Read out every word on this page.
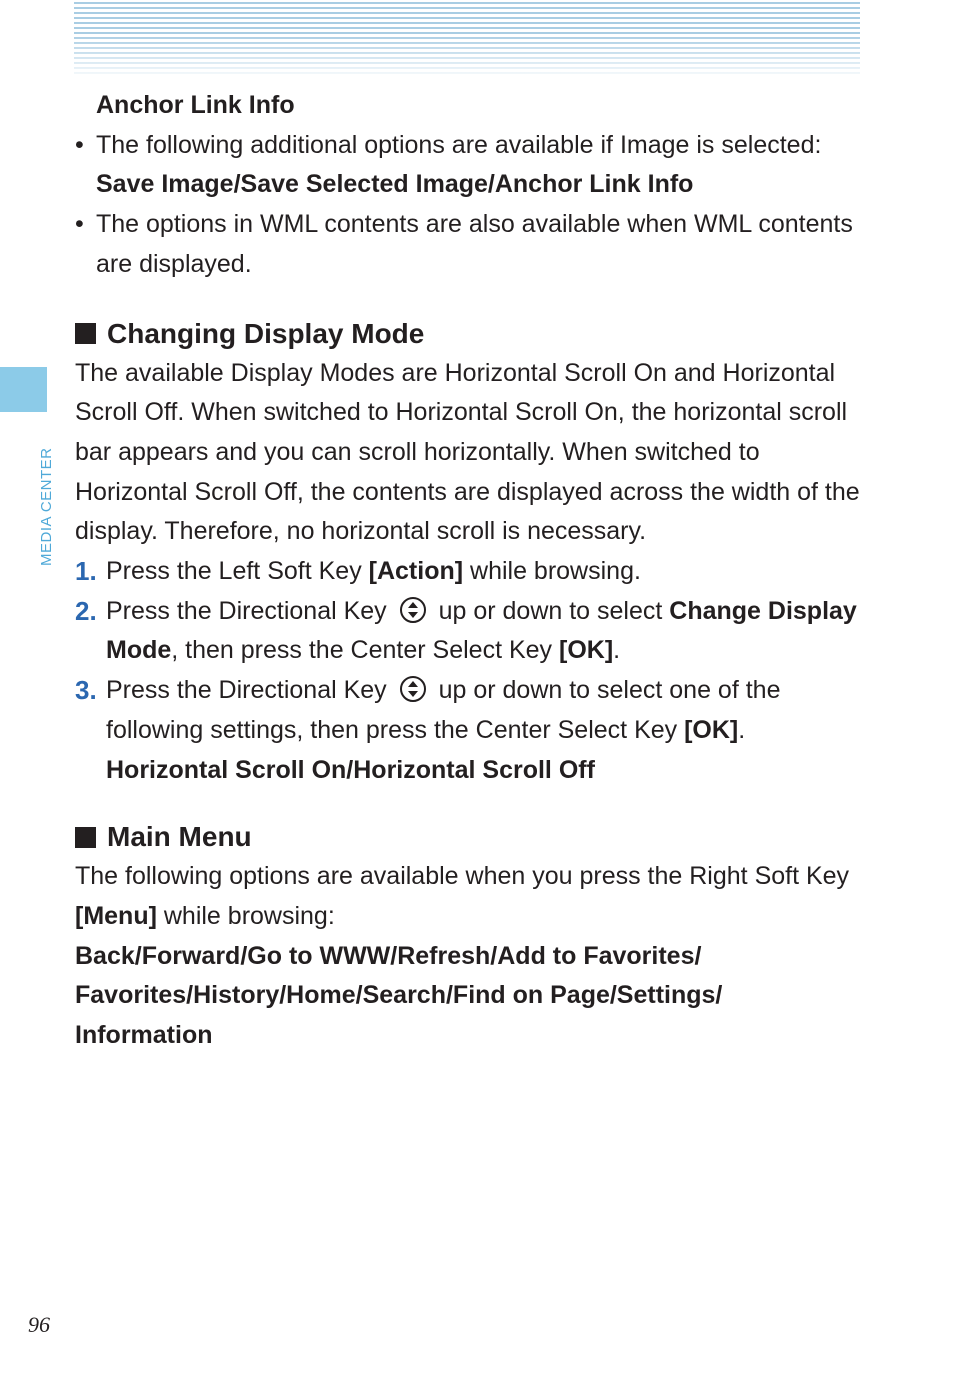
MEDIA CENTER
Anchor Link Info
• The following additional options are available if Image is selected:
Save Image/Save Selected Image/Anchor Link Info
• The options in WML contents are also available when WML contents are displayed.
Changing Display Mode
The available Display Modes are Horizontal Scroll On and Horizontal Scroll Off. When switched to Horizontal Scroll On, the horizontal scroll bar appears and you can scroll horizontally. When switched to Horizontal Scroll Off, the contents are displayed across the width of the display. Therefore, no horizontal scroll is necessary.
1. Press the Left Soft Key [Action] while browsing.
2. Press the Directional Key  up or down to select Change Display Mode, then press the Center Select Key [OK].
3. Press the Directional Key  up or down to select one of the following settings, then press the Center Select Key [OK].
Horizontal Scroll On/Horizontal Scroll Off
Main Menu
The following options are available when you press the Right Soft Key [Menu] while browsing:
Back/Forward/Go to WWW/Refresh/Add to Favorites/
Favorites/History/Home/Search/Find on Page/Settings/
Information
96
